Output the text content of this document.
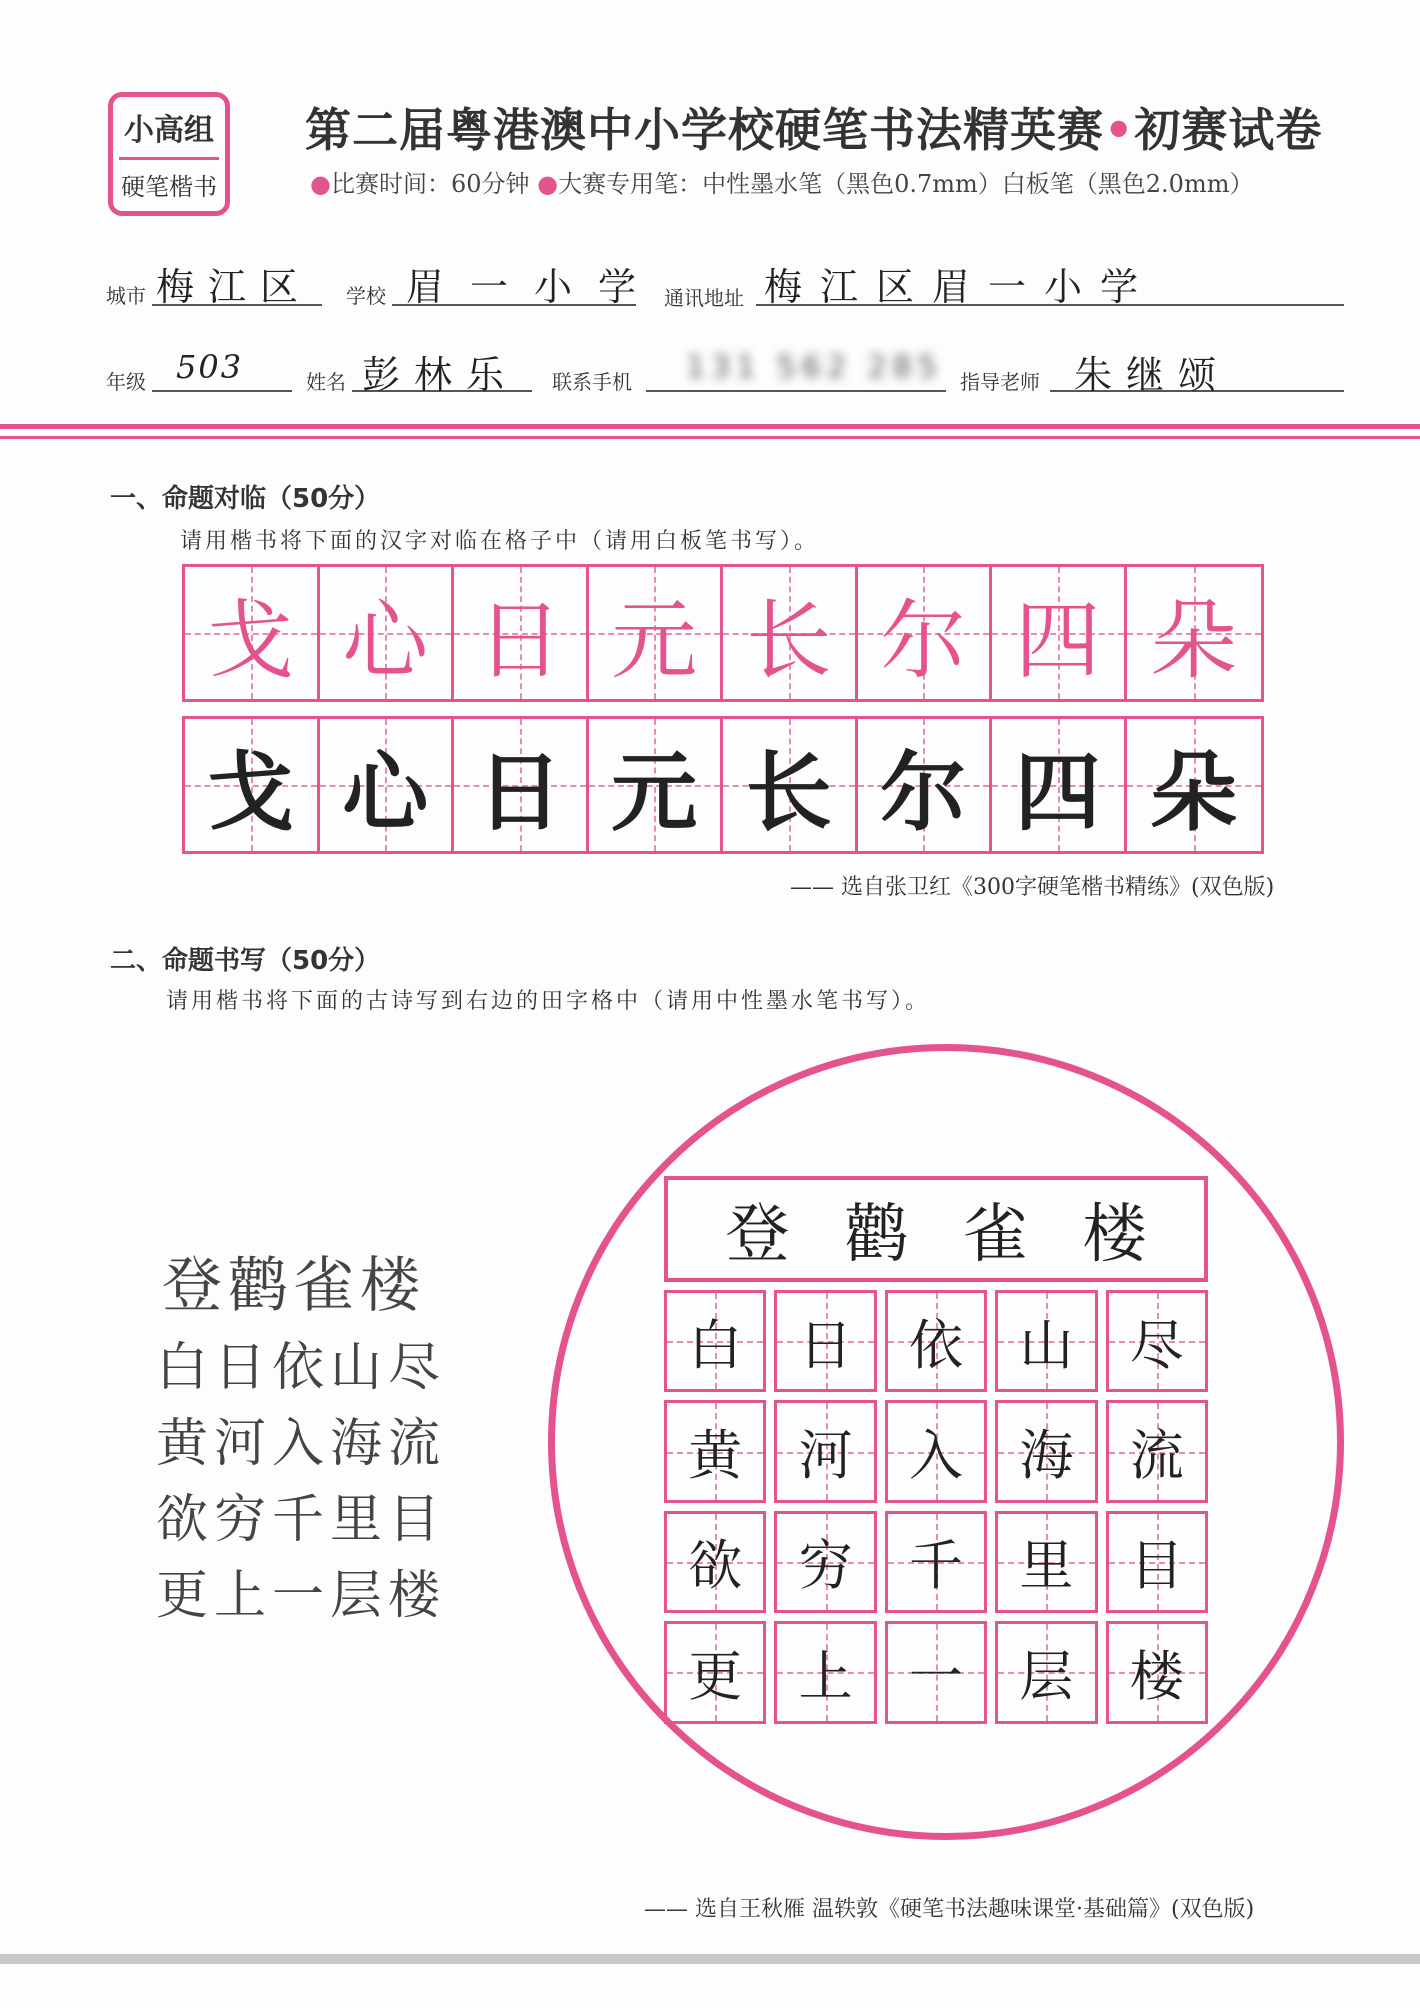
小高组
硬笔楷书
第二届粤港澳中小学校硬笔书法精英赛•初赛试卷
●比赛时间：60分钟 ●大赛专用笔：中性墨水笔（黑色0.7mm）白板笔（黑色2.0mm）
城市 梅江区 学校 眉一小学 通讯地址 梅江区眉一小学
年级 503	姓名 彭林乐 联系手机 131 562 285 指导老师 朱继颂
一、命题对临（50分）
请用楷书将下面的汉字对临在格子中（请用白板笔书写）。
戈 心 日 元 长 尔 四 朵
戈 心 日 元 长 尔 四 朵
—— 选自张卫红《300字硬笔楷书精练》(双色版)
二、命题书写（50分）
请用楷书将下面的古诗写到右边的田字格中（请用中性墨水笔书写）。
登鹳雀楼
白日依山尽
黄河入海流
欲穷千里目
更上一层楼
登 鹳 雀 楼
白 日 依 山 尽
黄 河 入 海 流
欲 穷 千 里 目
更 上 一 层 楼
—— 选自王秋雁 温轶敦《硬笔书法趣味课堂·基础篇》(双色版)
